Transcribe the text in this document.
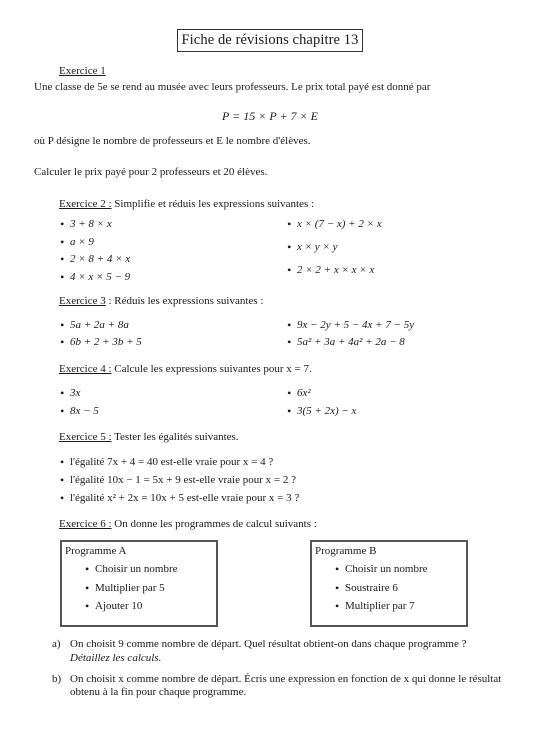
Fiche de révisions chapitre 13
Exercice 1

Une classe de 5e se rend au musée avec leurs professeurs. Le prix total payé est donné par

P = 15 × P + 7 × E

où P désigne le nombre de professeurs et E le nombre d'élèves.

Calculer le prix payé pour 2 professeurs et 20 élèves.

Exercice 2 : Simplifie et réduis les expressions suivantes :
• 3 + 8 × x
• a × 9
• 2 × 8 + 4 × x
• 4 × x × 5 − 9
• x × (7 − x) + 2 × x
• x × y × y
• 2 × 2 + x × x × x
Exercice 3 : Réduis les expressions suivantes :
• 5a + 2a + 8a
• 6b + 2 + 3b + 5
• 9x − 2y + 5 − 4x + 7 − 5y
• 5a² + 3a + 4a² + 2a − 8
Exercice 4 : Calcule les expressions suivantes pour x = 7.
• 3x
• 8x − 5
• 6x²
• 3(5 + 2x) − x
Exercice 5 : Tester les égalités suivantes.
• l'égalité 7x + 4 = 40 est-elle vraie pour x = 4 ?
• l'égalité 10x − 1 = 5x + 9 est-elle vraie pour x = 2 ?
• l'égalité x² + 2x = 10x + 5 est-elle vraie pour x = 3 ?
Exercice 6 : On donne les programmes de calcul suivants :
Programme A
• Choisir un nombre
• Multiplier par 5
• Ajouter 10
Programme B
• Choisir un nombre
• Soustraire 6
• Multiplier par 7
a) On choisit 9 comme nombre de départ. Quel résultat obtient-on dans chaque programme ?
Détaillez les calculs.
b) On choisit x comme nombre de départ. Écris une expression en fonction de x qui donne le résultat obtenu à la fin pour chaque programme.
